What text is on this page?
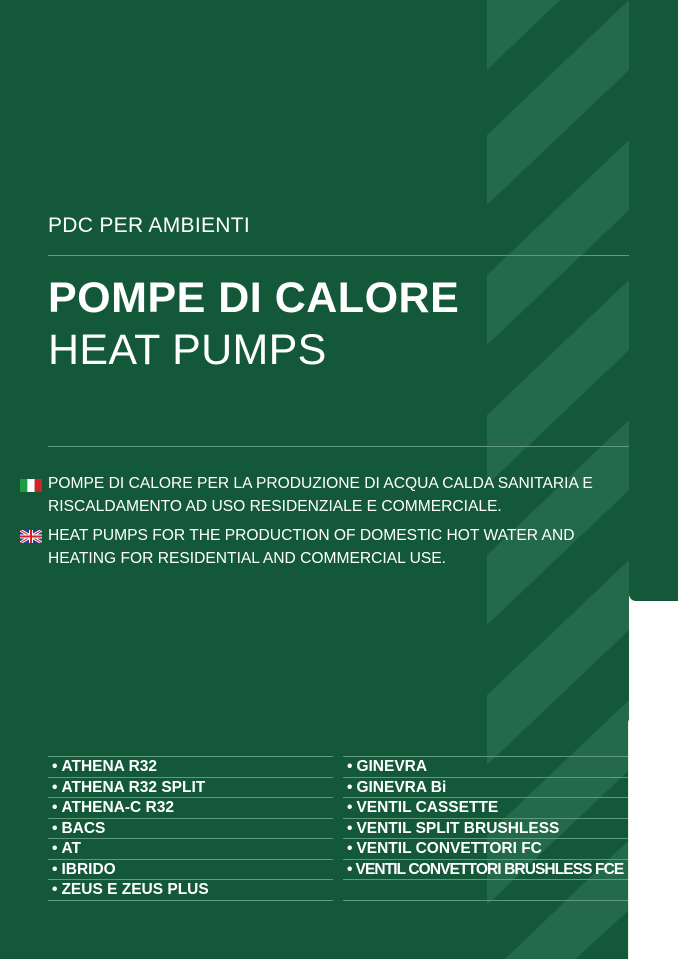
PDC PER AMBIENTI
POMPE DI CALORE
HEAT PUMPS
POMPE DI CALORE PER LA PRODUZIONE DI ACQUA CALDA SANITARIA E
RISCALDAMENTO AD USO RESIDENZIALE E COMMERCIALE.
HEAT PUMPS FOR THE PRODUCTION OF DOMESTIC HOT WATER AND
HEATING FOR RESIDENTIAL AND COMMERCIAL USE.
• ATHENA R32
• ATHENA R32 SPLIT
• ATHENA-C R32
• BACS
• AT
• IBRIDO
• ZEUS E ZEUS PLUS
• GINEVRA
• GINEVRA Bi
• VENTIL CASSETTE
• VENTIL SPLIT BRUSHLESS
• VENTIL CONVETTORI FC
• VENTIL CONVETTORI BRUSHLESS FCE
